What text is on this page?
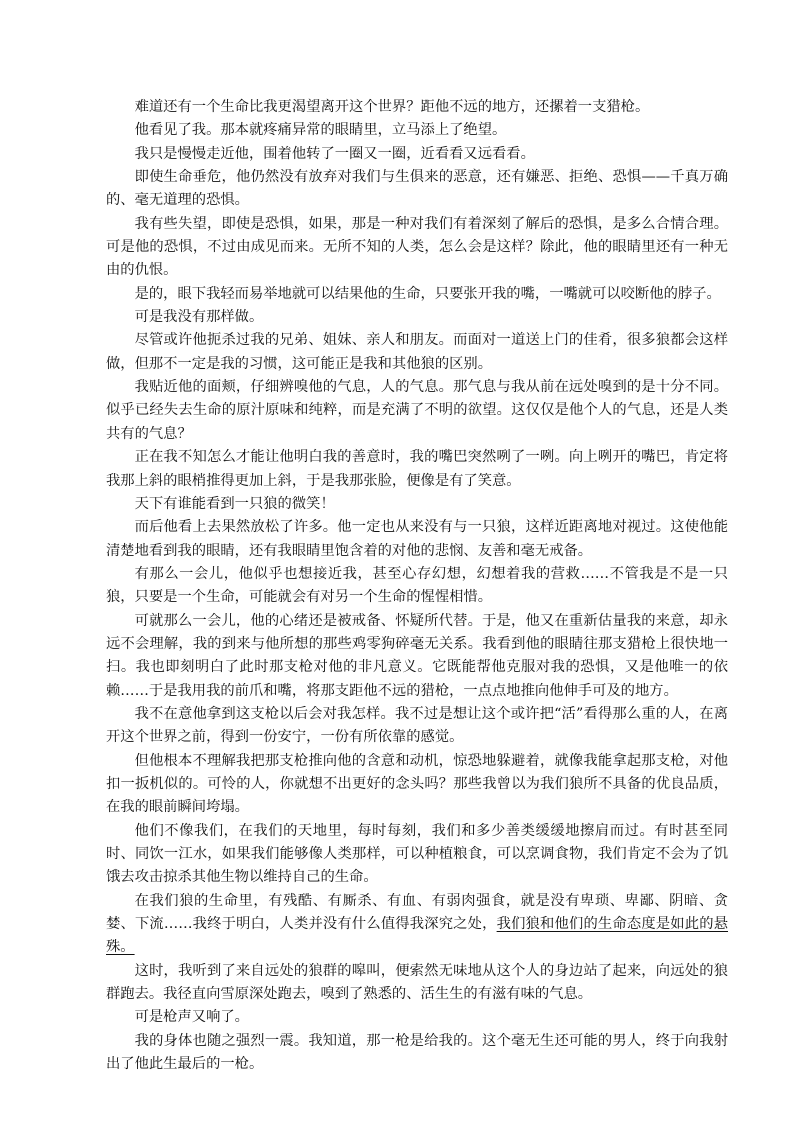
难道还有一个生命比我更渴望离开这个世界？距他不远的地方，还摞着一支猎枪。

他看见了我。那本就疼痛异常的眼睛里，立马添上了绝望。

我只是慢慢走近他，围着他转了一圈又一圈，近看看又远看看。

即使生命垂危，他仍然没有放弃对我们与生俱来的恶意，还有嫌恶、拒绝、恐惧——千真万确的、毫无道理的恐惧。

我有些失望，即使是恐惧，如果，那是一种对我们有着深刻了解后的恐惧，是多么合情合理。可是他的恐惧，不过由成见而来。无所不知的人类，怎么会是这样？除此，他的眼睛里还有一种无由的仇恨。

是的，眼下我轻而易举地就可以结果他的生命，只要张开我的嘴，一嘴就可以咬断他的脖子。

可是我没有那样做。

尽管或许他扼杀过我的兄弟、姐妹、亲人和朋友。而面对一道送上门的佳肴，很多狼都会这样做，但那不一定是我的习惯，这可能正是我和其他狼的区别。

我贴近他的面颊，仔细辨嗅他的气息，人的气息。那气息与我从前在远处嗅到的是十分不同。似乎已经失去生命的原汁原味和纯粹，而是充满了不明的欲望。这仅仅是他个人的气息，还是人类共有的气息？

正在我不知怎么才能让他明白我的善意时，我的嘴巴突然咧了一咧。向上咧开的嘴巴，肯定将我那上斜的眼梢推得更加上斜，于是我那张脸，便像是有了笑意。

天下有谁能看到一只狼的微笑！

而后他看上去果然放松了许多。他一定也从来没有与一只狼，这样近距离地对视过。这使他能清楚地看到我的眼睛，还有我眼睛里饱含着的对他的悲悯、友善和毫无戒备。

有那么一会儿，他似乎也想接近我，甚至心存幻想，幻想着我的营救……不管我是不是一只狼，只要是一个生命，可能就会有对另一个生命的惺惺相惜。

可就那么一会儿，他的心绪还是被戒备、怀疑所代替。于是，他又在重新估量我的来意，却永远不会理解，我的到来与他所想的那些鸡零狗碎毫无关系。我看到他的眼睛往那支猎枪上很快地一扫。我也即刻明白了此时那支枪对他的非凡意义。它既能帮他克服对我的恐惧，又是他唯一的依赖……于是我用我的前爪和嘴，将那支距他不远的猎枪，一点点地推向他伸手可及的地方。

我不在意他拿到这支枪以后会对我怎样。我不过是想让这个或许把“活”看得那么重的人，在离开这个世界之前，得到一份安宁，一份有所依靠的感觉。

但他根本不理解我把那支枪推向他的含意和动机，惊恐地躲避着，就像我能拿起那支枪，对他扣一扳机似的。可怜的人，你就想不出更好的念头吗？那些我曾以为我们狼所不具备的优良品质，在我的眼前瞬间垮塌。

他们不像我们，在我们的天地里，每时每刻，我们和多少善类缓缓地擦肩而过。有时甚至同时、同饮一江水，如果我们能够像人类那样，可以种植粮食，可以烹调食物，我们肯定不会为了饥饿去攻击掠杀其他生物以维持自己的生命。

在我们狼的生命里，有残酷、有厮杀、有血、有弱肉强食，就是没有卑琐、卑鄙、阴暗、贪婪、下流……我终于明白，人类并没有什么值得我深究之处，我们狼和他们的生命态度是如此的悬殊。

这时，我听到了来自远处的狼群的嗥叫，便索然无味地从这个人的身边站了起来，向远处的狼群跑去。我径直向雪原深处跑去，嗅到了熟悉的、活生生的有滋有味的气息。

可是枪声又响了。

我的身体也随之强烈一震。我知道，那一枪是给我的。这个毫无生还可能的男人，终于向我射出了他此生最后的一枪。
